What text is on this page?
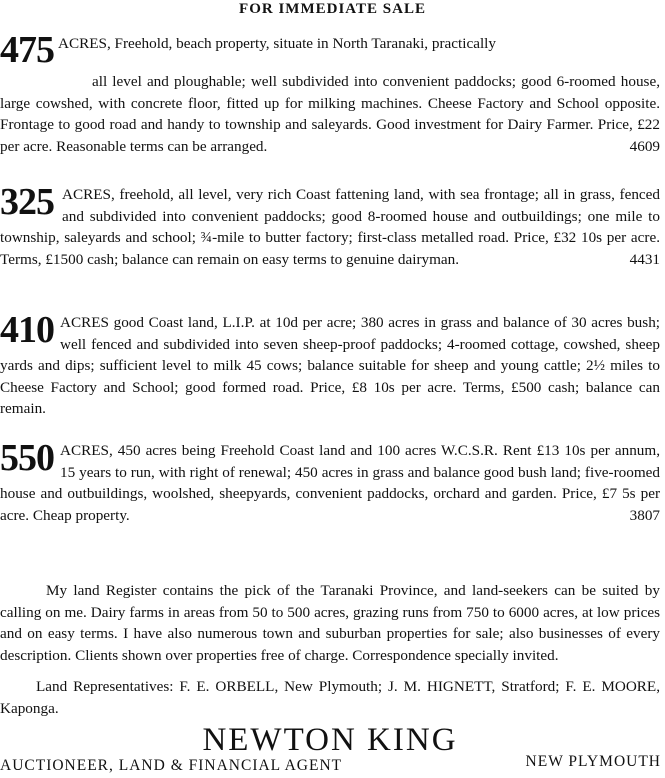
FOR IMMEDIATE SALE
475 ACRES, Freehold, beach property, situate in North Taranaki, practically
all level and ploughable; well subdivided into convenient paddocks; good 6-roomed house, large cowshed, with concrete floor, fitted up for milking machines. Cheese Factory and School opposite. Frontage to good road and handy to township and saleyards. Good investment for Dairy Farmer. Price, £22 per acre. Reasonable terms can be arranged.	4609
325 ACRES, freehold, all level, very rich Coast fattening land, with sea frontage; all in grass, fenced and subdivided into convenient paddocks; good 8-roomed house and outbuildings; one mile to township, saleyards and school; ¾-mile to butter factory; first-class metalled road. Price, £32 10s per acre. Terms, £1500 cash; balance can remain on easy terms to genuine dairyman.	4431
410 ACRES good Coast land, L.I.P. at 10d per acre; 380 acres in grass and balance of 30 acres bush; well fenced and subdivided into seven sheep-proof paddocks; 4-roomed cottage, cowshed, sheep yards and dips; sufficient level to milk 45 cows; balance suitable for sheep and young cattle; 2½ miles to Cheese Factory and School; good formed road. Price, £8 10s per acre. Terms, £500 cash; balance can remain.
550 ACRES, 450 acres being Freehold Coast land and 100 acres W.C.S.R. Rent £13 10s per annum, 15 years to run, with right of renewal; 450 acres in grass and balance good bush land; five-roomed house and outbuildings, woolshed, sheepyards, convenient paddocks, orchard and garden. Price, £7 5s per acre. Cheap property.	3807
My land Register contains the pick of the Taranaki Province, and land-seekers can be suited by calling on me. Dairy farms in areas from 50 to 500 acres, grazing runs from 750 to 6000 acres, at low prices and on easy terms. I have also numerous town and suburban properties for sale; also businesses of every description. Clients shown over properties free of charge. Correspondence specially invited.
Land Representatives: F. E. ORBELL, New Plymouth; J. M. HIGNETT, Stratford; F. E. MOORE, Kaponga.
NEWTON KING
AUCTIONEER, LAND & FINANCIAL AGENT	NEW PLYMOUTH
